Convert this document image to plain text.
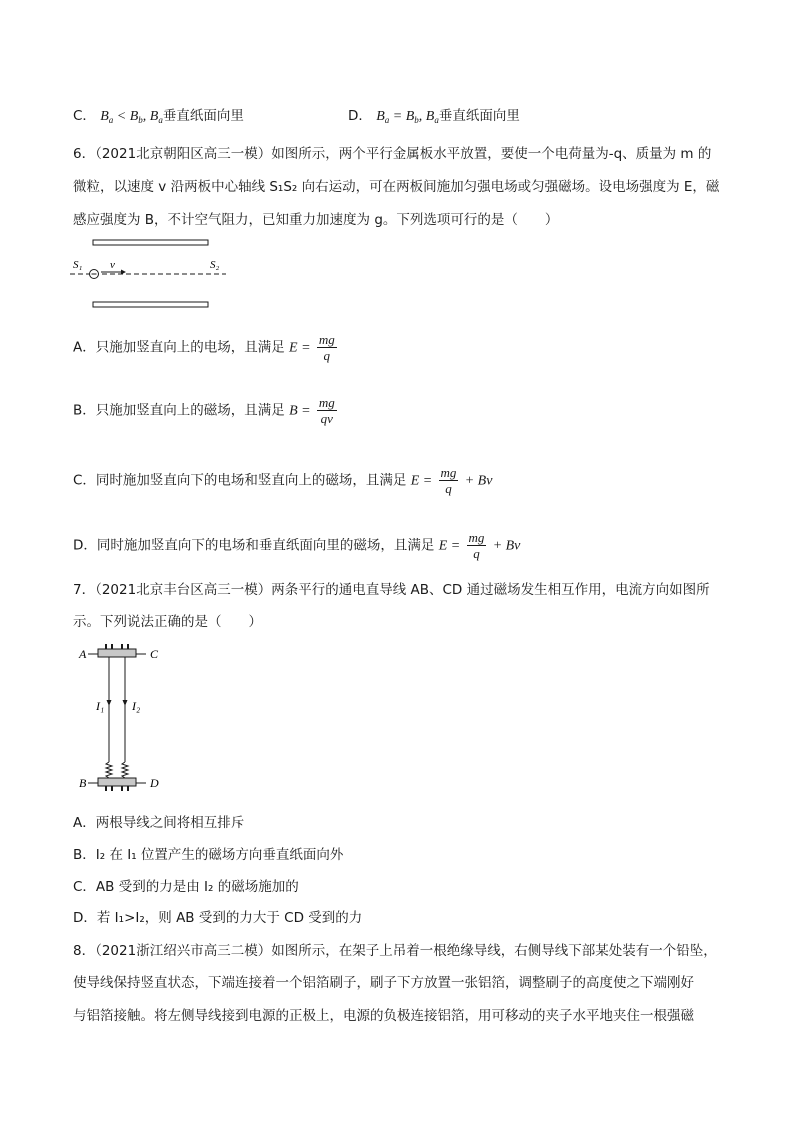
C． $B_a < B_b$, $B_a$垂直纸面向里	D． $B_a = B_b$, $B_a$垂直纸面向里
6．（2021北京朝阳区高三一模）如图所示，两个平行金属板水平放置，要使一个电荷量为-q、质量为 m 的
微粒，以速度 v 沿两板中心轴线 S₁S₂ 向右运动，可在两板间施加匀强电场或匀强磁场。设电场强度为 E，磁
感应强度为 B，不计空气阻力，已知重力加速度为 g。下列选项可行的是（　　）
S₁	v	S₂
A．只施加竖直向上的电场，且满足 $E = \frac{mg}{q}$
B．只施加竖直向上的磁场，且满足 $B = \frac{mg}{qv}$
C．同时施加竖直向下的电场和竖直向上的磁场，且满足 $E = \frac{mg}{q} + Bv$
D．同时施加竖直向下的电场和垂直纸面向里的磁场，且满足 $E = \frac{mg}{q} + Bv$
7．（2021北京丰台区高三一模）两条平行的通电直导线 AB、CD 通过磁场发生相互作用，电流方向如图所
示。下列说法正确的是（　　）
A	C
I₁ I₂
B	D
A．两根导线之间将相互排斥
B．I₂ 在 I₁ 位置产生的磁场方向垂直纸面向外
C．AB 受到的力是由 I₂ 的磁场施加的
D．若 I₁>I₂，则 AB 受到的力大于 CD 受到的力
8．（2021浙江绍兴市高三二模）如图所示，在架子上吊着一根绝缘导线，右侧导线下部某处装有一个铅坠，
使导线保持竖直状态，下端连接着一个铝箔刷子，刷子下方放置一张铝箔，调整刷子的高度使之下端刚好
与铝箔接触。将左侧导线接到电源的正极上，电源的负极连接铝箔，用可移动的夹子水平地夹住一根强磁
